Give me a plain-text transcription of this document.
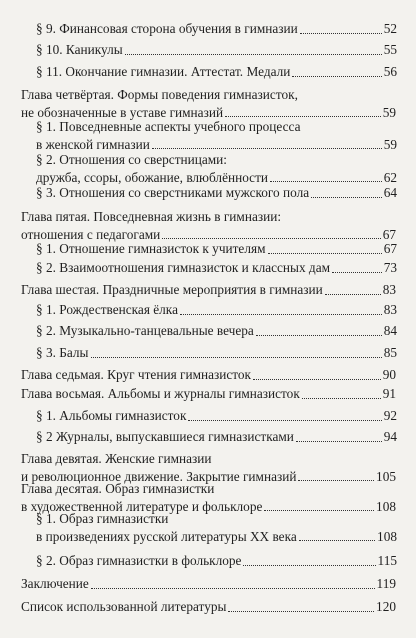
§ 9. Финансовая сторона обучения в гимназии	52
§ 10. Каникулы	55
§ 11. Окончание гимназии. Аттестат. Медали	56
Глава четвёртая. Формы поведения гимназисток,
не обозначенные в уставе гимназий	59
§ 1. Повседневные аспекты учебного процесса
в женской гимназии	59
§ 2. Отношения со сверстницами:
дружба, ссоры, обожание, влюблённости	62
§ 3. Отношения со сверстниками мужского пола	64
Глава пятая. Повседневная жизнь в гимназии:
отношения с педагогами	67
§ 1. Отношение гимназисток к учителям	67
§ 2. Взаимоотношения гимназисток и классных дам	73
Глава шестая. Праздничные мероприятия в гимназии	83
§ 1. Рождественская ёлка	83
§ 2. Музыкально-танцевальные вечера	84
§ 3. Балы	85
Глава седьмая. Круг чтения гимназисток	90
Глава восьмая. Альбомы и журналы гимназисток	91
§ 1. Альбомы гимназисток	92
§ 2 Журналы, выпускавшиеся гимназистками	94
Глава девятая. Женские гимназии
и революционное движение. Закрытие гимназий	105
Глава десятая. Образ гимназистки
в художественной литературе и фольклоре	108
§ 1. Образ гимназистки
в произведениях русской литературы XX века	108
§ 2. Образ гимназистки в фольклоре	115
Заключение	119
Список использованной литературы	120
